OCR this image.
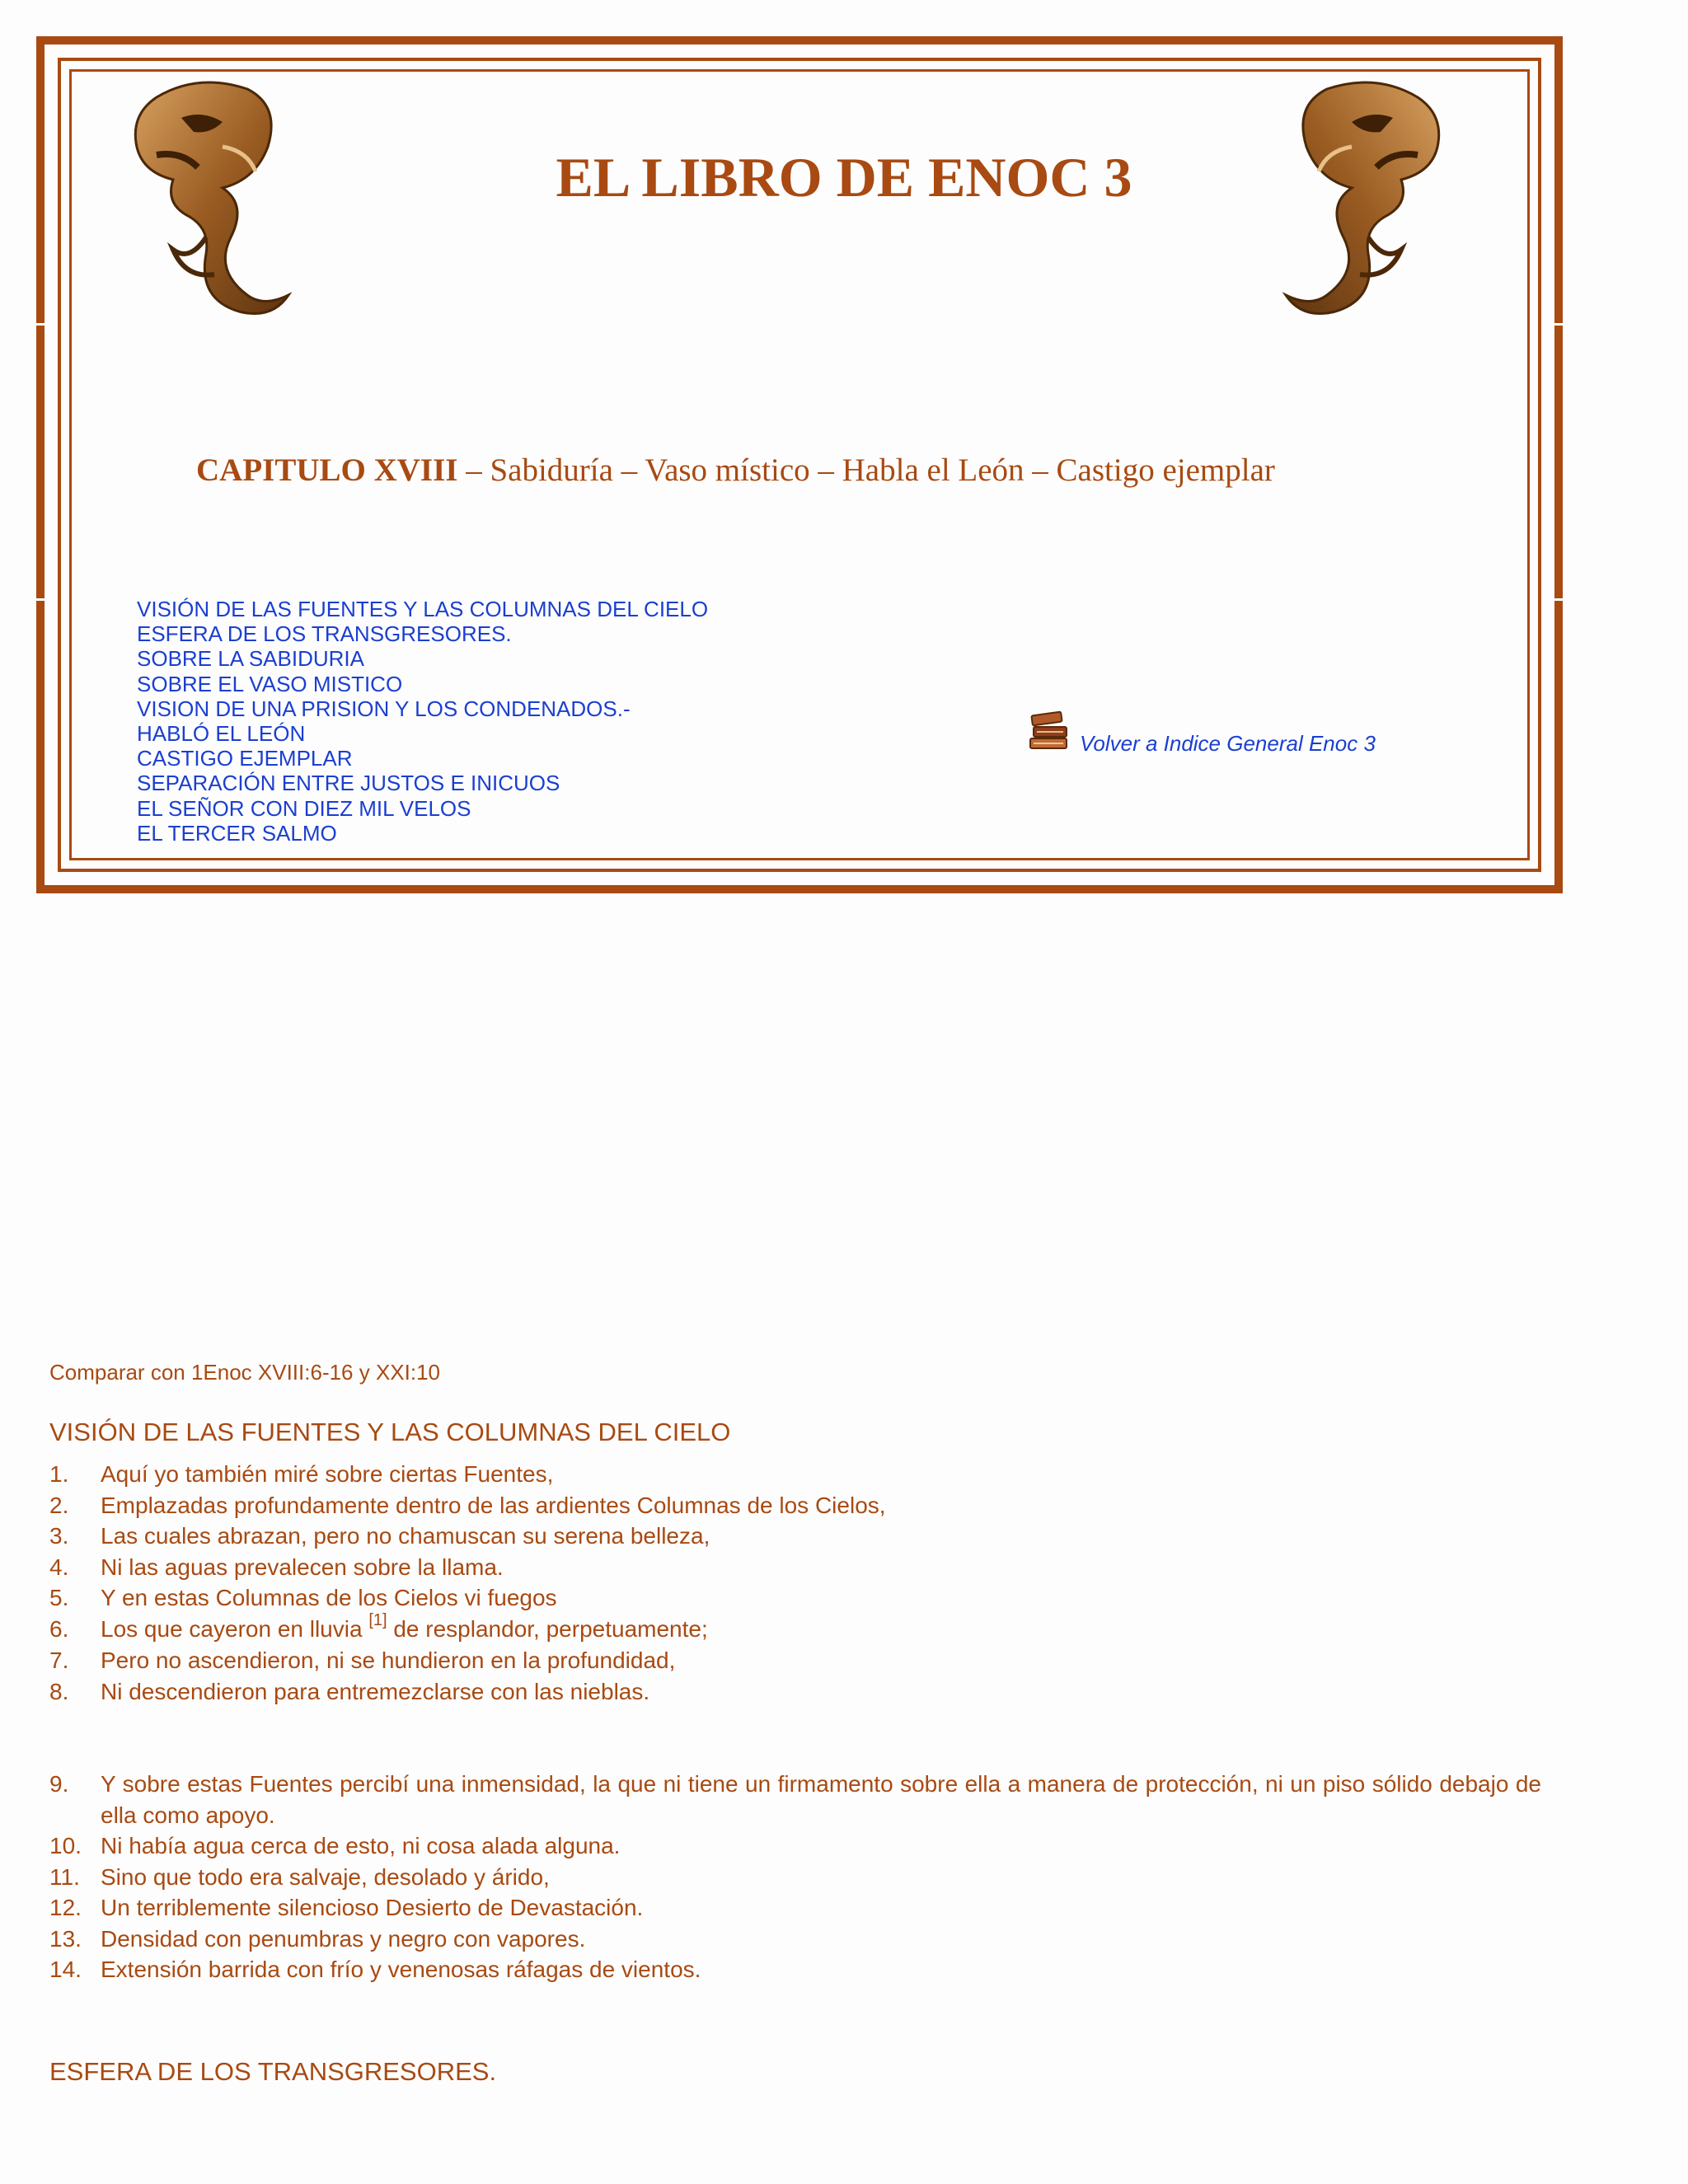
EL LIBRO DE ENOC 3
CAPITULO XVIII – Sabiduría – Vaso místico – Habla el León – Castigo ejemplar
VISIÓN DE LAS FUENTES Y LAS COLUMNAS DEL CIELO
ESFERA DE LOS TRANSGRESORES.
SOBRE LA SABIDURIA
SOBRE EL VASO MISTICO
VISION DE UNA PRISION Y LOS CONDENADOS.-
HABLÓ EL LEÓN
CASTIGO EJEMPLAR
SEPARACIÓN ENTRE JUSTOS E INICUOS
EL SEÑOR CON DIEZ MIL VELOS
EL TERCER SALMO
Volver a Indice General Enoc 3
Comparar con 1Enoc XVIII:6-16 y XXI:10
VISIÓN DE LAS FUENTES Y LAS COLUMNAS DEL CIELO
1. Aquí yo también miré sobre ciertas Fuentes,
2. Emplazadas profundamente dentro de las ardientes Columnas de los Cielos,
3. Las cuales abrazan, pero no chamuscan su serena belleza,
4. Ni las aguas prevalecen sobre la llama.
5. Y en estas Columnas de los Cielos vi fuegos
6. Los que cayeron en lluvia [1] de resplandor, perpetuamente;
7. Pero no ascendieron, ni se hundieron en la profundidad,
8. Ni descendieron para entremezclarse con las nieblas.
9. Y sobre estas Fuentes percibí una inmensidad, la que ni tiene un firmamento sobre ella a manera de protección, ni un piso sólido debajo de ella como apoyo.
10. Ni había agua cerca de esto, ni cosa alada alguna.
11. Sino que todo era salvaje, desolado y árido,
12. Un terriblemente silencioso Desierto de Devastación.
13. Densidad con penumbras y negro con vapores.
14. Extensión barrida con frío y venenosas ráfagas de vientos.
ESFERA DE LOS TRANSGRESORES.
